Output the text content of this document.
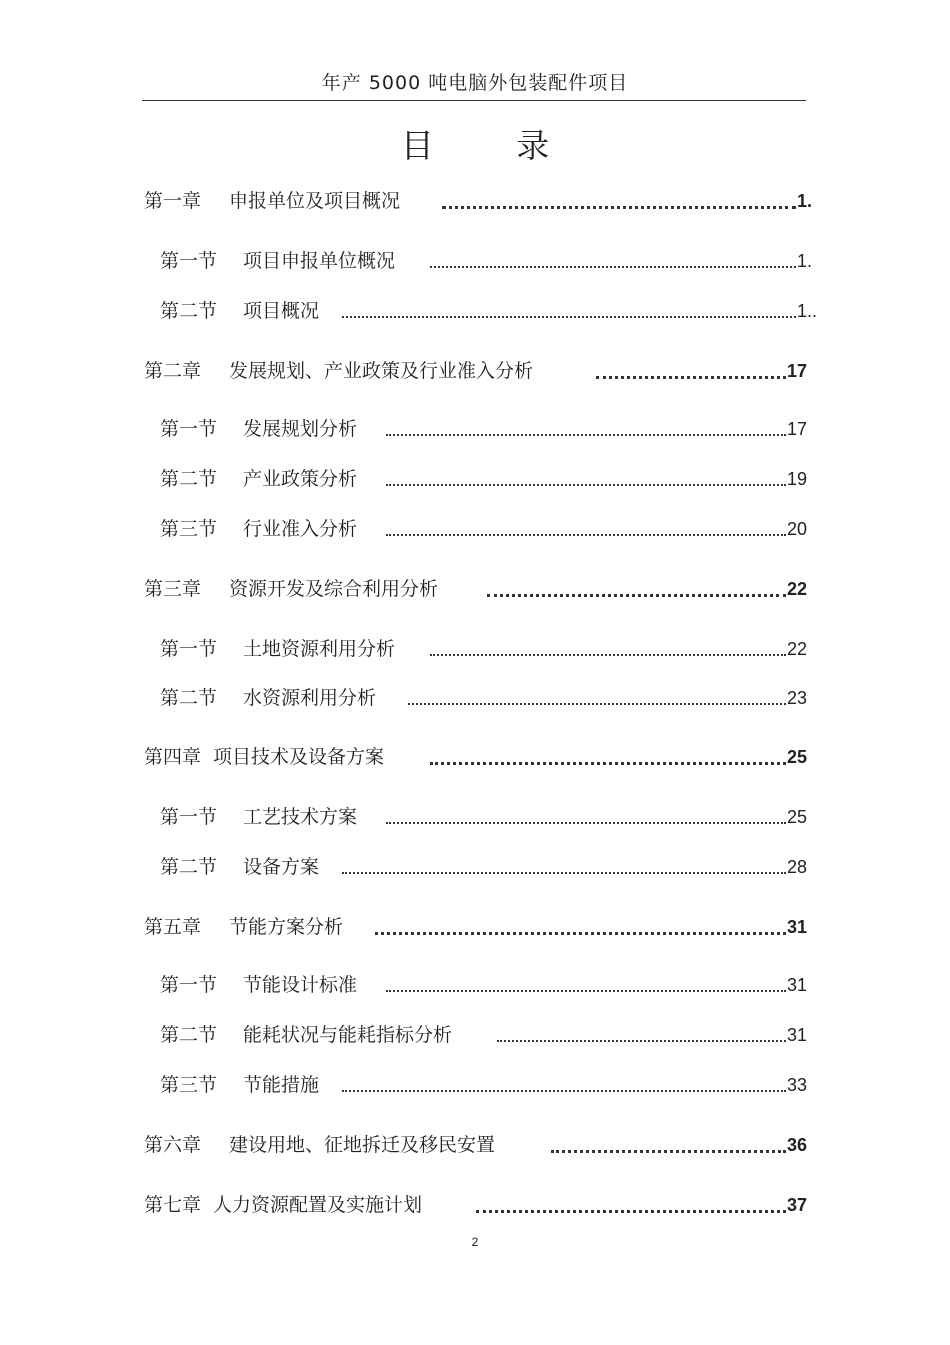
年产 5000 吨电脑外包装配件项目
目 录
第一章 申报单位及项目概况	1.
第一节 项目申报单位概况	1.
第二节 项目概况	1..
第二章 发展规划、产业政策及行业准入分析	17
第一节 发展规划分析	17
第二节 产业政策分析	19
第三节 行业准入分析	20
第三章 资源开发及综合利用分析	22
第一节 土地资源利用分析	22
第二节 水资源利用分析	23
第四章 项目技术及设备方案	25
第一节 工艺技术方案	25
第二节 设备方案	28
第五章 节能方案分析	31
第一节 节能设计标准	31
第二节 能耗状况与能耗指标分析	31
第三节 节能措施	33
第六章 建设用地、征地拆迁及移民安置	36
第七章 人力资源配置及实施计划	37
2
